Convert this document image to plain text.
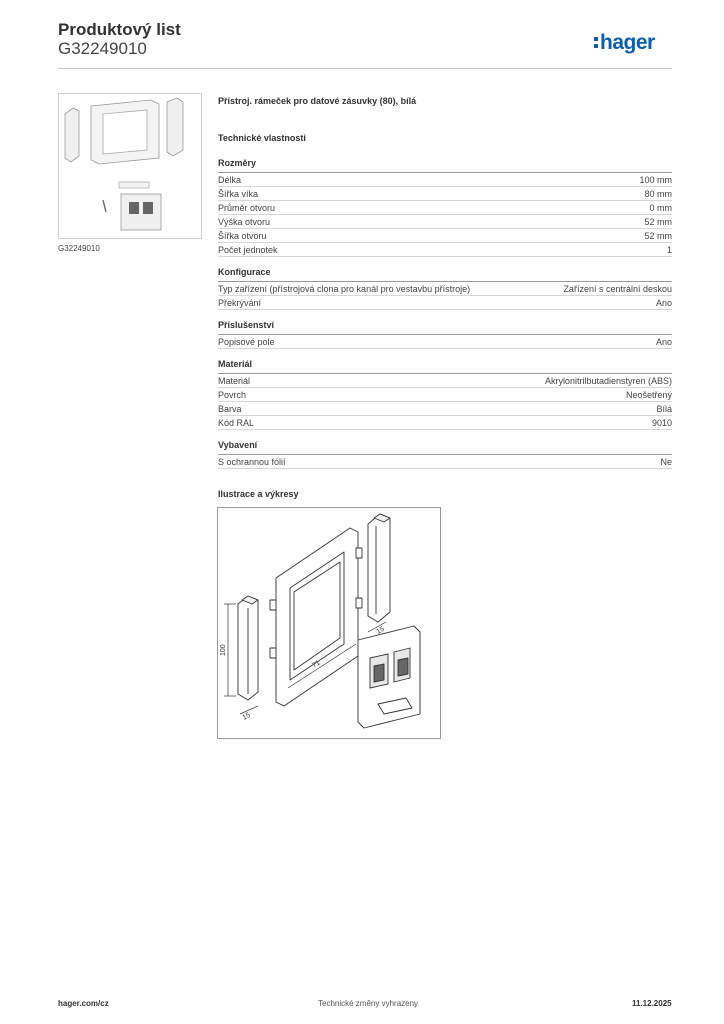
Produktový list
G32249010	hager
G32249010
Přístroj. rámeček pro datové zásuvky (80), bílá
Technické vlastnosti
Rozměry
Délka	100 mm
Šířka víka	80 mm
Průměr otvoru	0 mm
Výška otvoru	52 mm
Šířka otvoru	52 mm
Počet jednotek	1
Konfigurace
Typ zařízení (přístrojová clona pro kanál pro vestavbu přístroje)	Zařízení s centrální deskou
Překrývání	Ano
Příslušenství
Popisové pole	Ano
Materiál
Materiál	Akrylonitrilbutadienstyren (ABS)
Povrch	Neošetřený
Barva	Bílá
Kód RAL	9010
Vybavení
S ochrannou fólií	Ne
Ilustrace a výkresy
100
71
15
15
hager.com/cz	Technické změny vyhrazeny	11.12.2025
